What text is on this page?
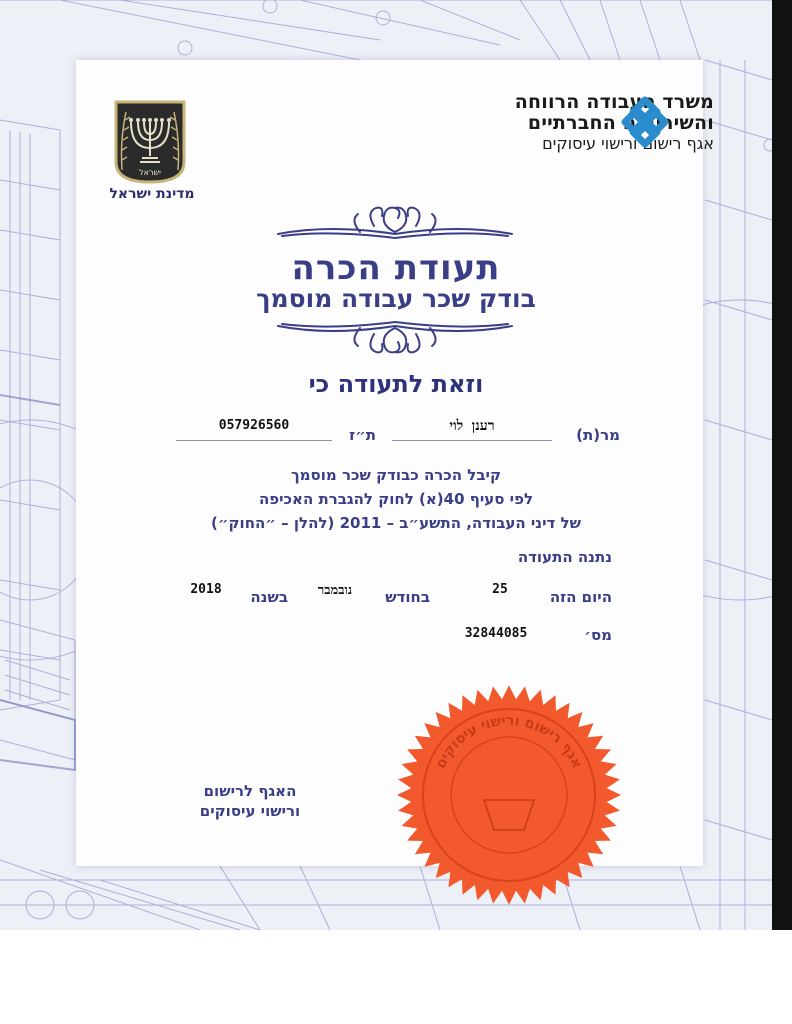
משרד העבודה הרווחה
והשירותים החברתיים
אגף רישום ורישוי עיסוקים
ישראל
מדינת ישראל
תעודת הכרה
בודק שכר עבודה מוסמך
וזאת לתעודה כי
מר(ת)
רענן לוי
ת״ז
057926560
קיבל הכרה כבודק שכר מוסמך
לפי סעיף 40(א) לחוק להגברת האכיפה
של דיני העבודה, התשע״ב – 2011 (להלן – ״החוק״)
נתנה התעודה
היום הזה
25
בחודש
נובמבר
בשנה
2018
מס׳
32844085
האגף לרישום
ורישוי עיסוקים
אגף רישום ורישוי עיסוקים
